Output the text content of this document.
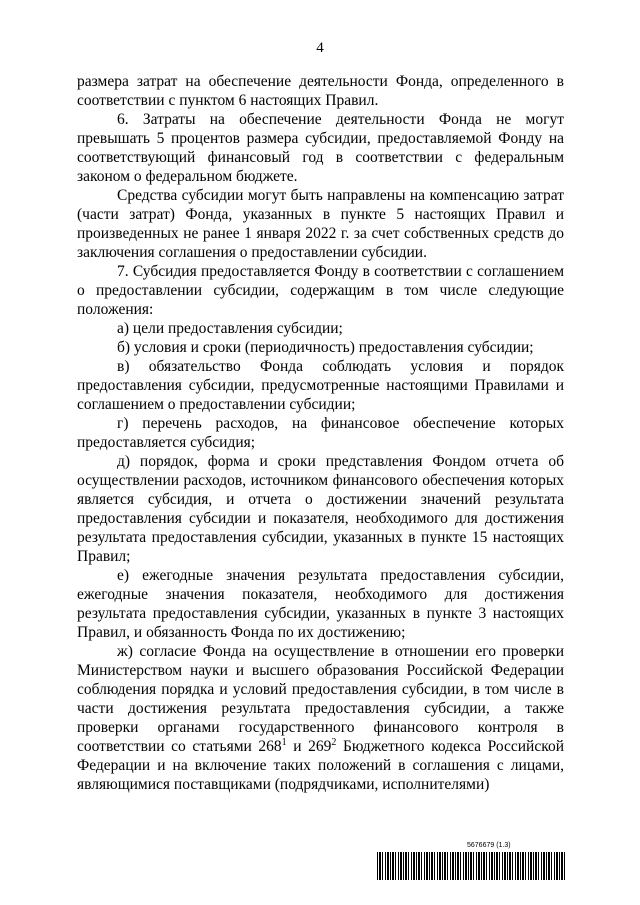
4

размера затрат на обеспечение деятельности Фонда, определенного в соответствии с пунктом 6 настоящих Правил.

6. Затраты на обеспечение деятельности Фонда не могут превышать 5 процентов размера субсидии, предоставляемой Фонду на соответствующий финансовый год в соответствии с федеральным законом о федеральном бюджете.

Средства субсидии могут быть направлены на компенсацию затрат (части затрат) Фонда, указанных в пункте 5 настоящих Правил и произведенных не ранее 1 января 2022 г. за счет собственных средств до заключения соглашения о предоставлении субсидии.

7. Субсидия предоставляется Фонду в соответствии с соглашением о предоставлении субсидии, содержащим в том числе следующие положения:

а) цели предоставления субсидии;

б) условия и сроки (периодичность) предоставления субсидии;

в) обязательство Фонда соблюдать условия и порядок предоставления субсидии, предусмотренные настоящими Правилами и соглашением о предоставлении субсидии;

г) перечень расходов, на финансовое обеспечение которых предоставляется субсидия;

д) порядок, форма и сроки представления Фондом отчета об осуществлении расходов, источником финансового обеспечения которых является субсидия, и отчета о достижении значений результата предоставления субсидии и показателя, необходимого для достижения результата предоставления субсидии, указанных в пункте 15 настоящих Правил;

е) ежегодные значения результата предоставления субсидии, ежегодные значения показателя, необходимого для достижения результата предоставления субсидии, указанных в пункте 3 настоящих Правил, и обязанность Фонда по их достижению;

ж) согласие Фонда на осуществление в отношении его проверки Министерством науки и высшего образования Российской Федерации соблюдения порядка и условий предоставления субсидии, в том числе в части достижения результата предоставления субсидии, а также проверки органами государственного финансового контроля в соответствии со статьями $268^1$ и $269^2$ Бюджетного кодекса Российской Федерации и на включение таких положений в соглашения с лицами, являющимися поставщиками (подрядчиками, исполнителями)

5676679 (1.3)
